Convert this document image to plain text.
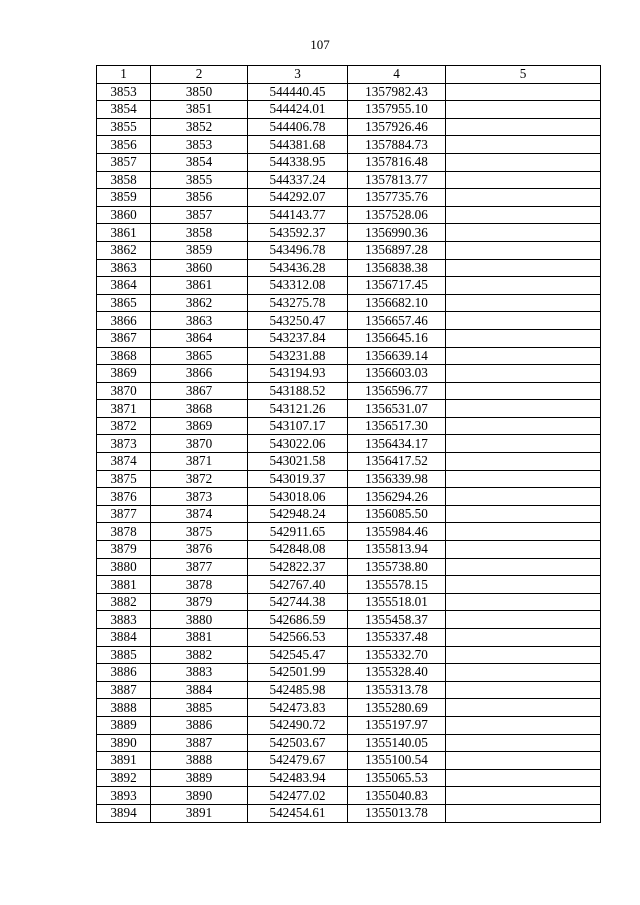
107
1	2	3	4	5
3853	3850	544440.45	1357982.43	
3854	3851	544424.01	1357955.10	
3855	3852	544406.78	1357926.46	
3856	3853	544381.68	1357884.73	
3857	3854	544338.95	1357816.48	
3858	3855	544337.24	1357813.77	
3859	3856	544292.07	1357735.76	
3860	3857	544143.77	1357528.06	
3861	3858	543592.37	1356990.36	
3862	3859	543496.78	1356897.28	
3863	3860	543436.28	1356838.38	
3864	3861	543312.08	1356717.45	
3865	3862	543275.78	1356682.10	
3866	3863	543250.47	1356657.46	
3867	3864	543237.84	1356645.16	
3868	3865	543231.88	1356639.14	
3869	3866	543194.93	1356603.03	
3870	3867	543188.52	1356596.77	
3871	3868	543121.26	1356531.07	
3872	3869	543107.17	1356517.30	
3873	3870	543022.06	1356434.17	
3874	3871	543021.58	1356417.52	
3875	3872	543019.37	1356339.98	
3876	3873	543018.06	1356294.26	
3877	3874	542948.24	1356085.50	
3878	3875	542911.65	1355984.46	
3879	3876	542848.08	1355813.94	
3880	3877	542822.37	1355738.80	
3881	3878	542767.40	1355578.15	
3882	3879	542744.38	1355518.01	
3883	3880	542686.59	1355458.37	
3884	3881	542566.53	1355337.48	
3885	3882	542545.47	1355332.70	
3886	3883	542501.99	1355328.40	
3887	3884	542485.98	1355313.78	
3888	3885	542473.83	1355280.69	
3889	3886	542490.72	1355197.97	
3890	3887	542503.67	1355140.05	
3891	3888	542479.67	1355100.54	
3892	3889	542483.94	1355065.53	
3893	3890	542477.02	1355040.83	
3894	3891	542454.61	1355013.78	
